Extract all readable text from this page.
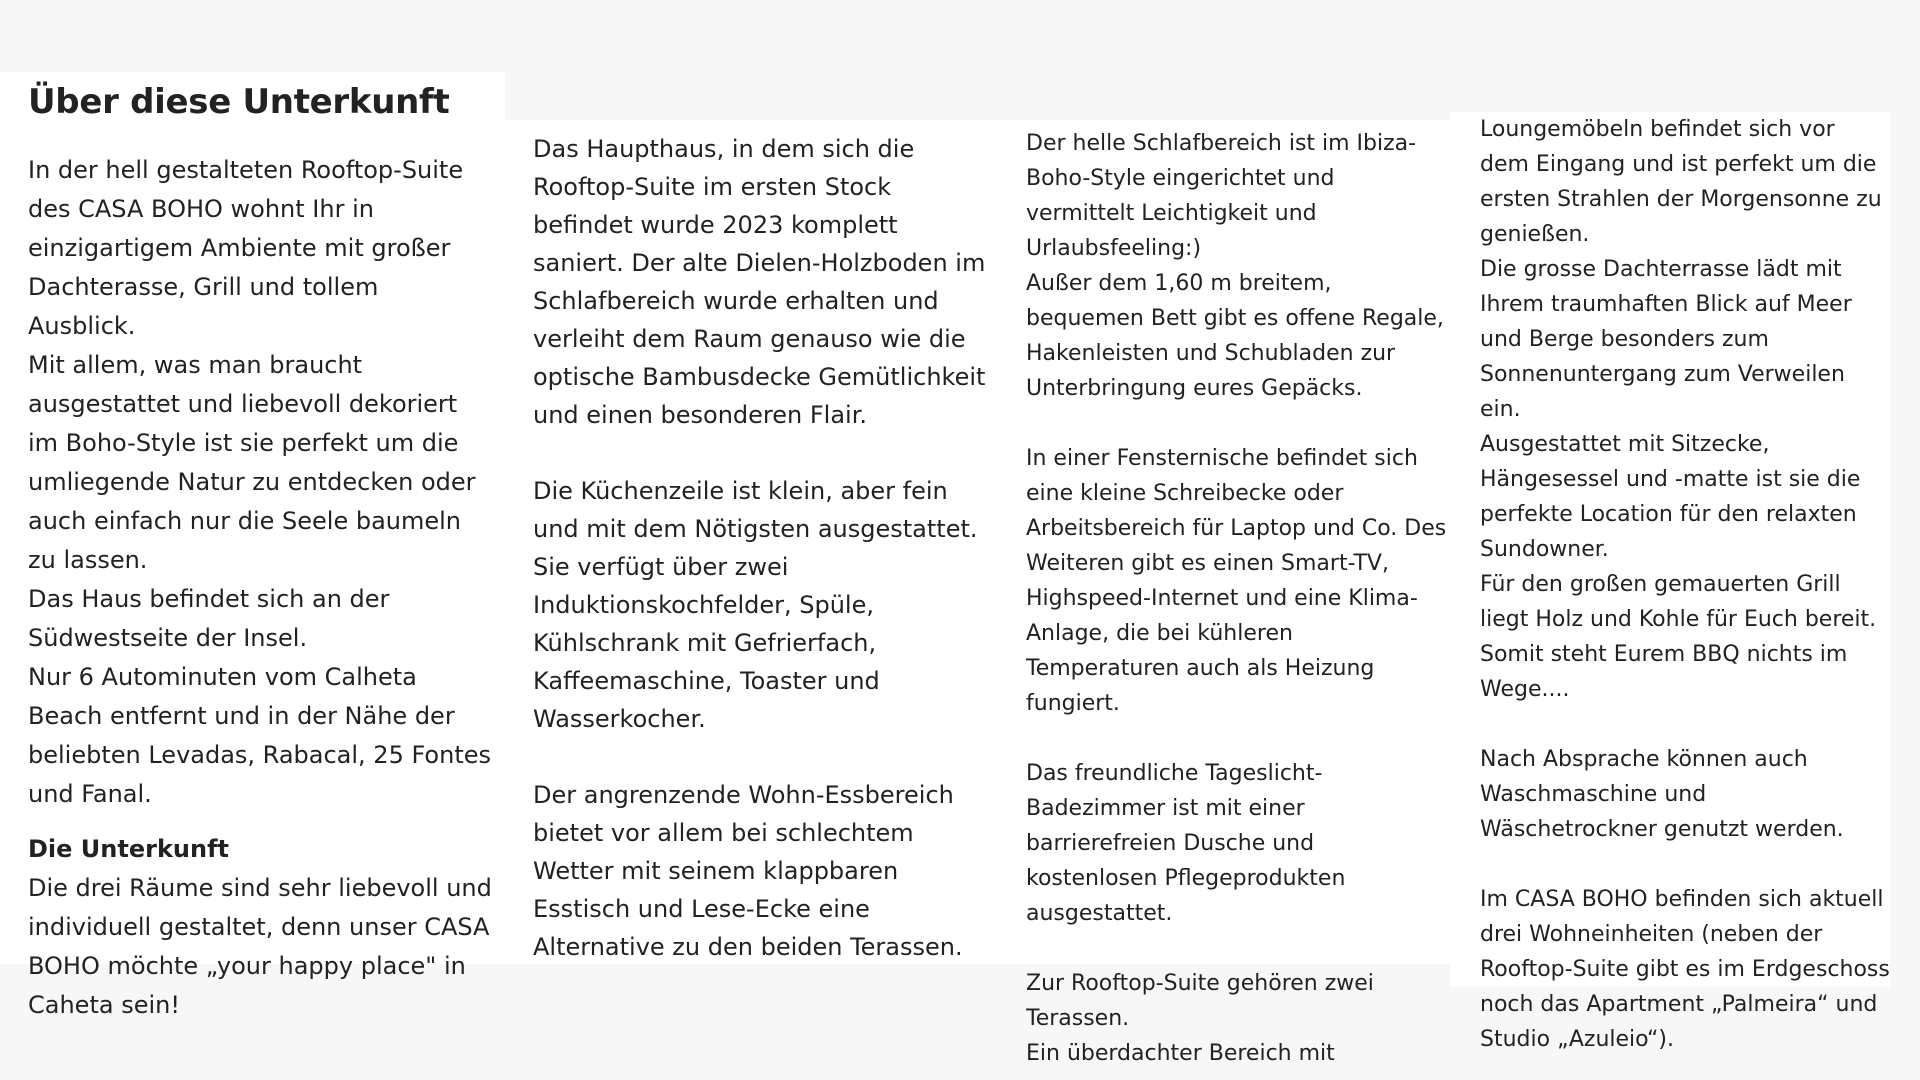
Über diese Unterkunft

In der hell gestalteten Rooftop-Suite des CASA BOHO wohnt Ihr in einzigartigem Ambiente mit großer Dachterasse, Grill und tollem Ausblick.

Mit allem, was man braucht ausgestattet und liebevoll dekoriert im Boho-Style ist sie perfekt um die umliegende Natur zu entdecken oder auch einfach nur die Seele baumeln zu lassen.

Das Haus befindet sich an der Südwestseite der Insel.

Nur 6 Autominuten vom Calheta Beach entfernt und in der Nähe der beliebten Levadas, Rabacal, 25 Fontes und Fanal.

Die Unterkunft

Die drei Räume sind sehr liebevoll und individuell gestaltet, denn unser CASA BOHO möchte „your happy place" in Caheta sein!

Das Haupthaus, in dem sich die Rooftop-Suite im ersten Stock befindet wurde 2023 komplett saniert. Der alte Dielen-Holzboden im Schlafbereich wurde erhalten und verleiht dem Raum genauso wie die optische Bambusdecke Gemütlichkeit und einen besonderen Flair.

Die Küchenzeile ist klein, aber fein und mit dem Nötigsten ausgestattet. Sie verfügt über zwei Induktionskochfelder, Spüle, Kühlschrank mit Gefrierfach, Kaffeemaschine, Toaster und Wasserkocher.

Der angrenzende Wohn-Essbereich bietet vor allem bei schlechtem Wetter mit seinem klappbaren Esstisch und Lese-Ecke eine Alternative zu den beiden Terassen.

Der helle Schlafbereich ist im Ibiza-Boho-Style eingerichtet und vermittelt Leichtigkeit und Urlaubsfeeling:)

Außer dem 1,60 m breitem, bequemen Bett gibt es offene Regale, Hakenleisten und Schubladen zur Unterbringung eures Gepäcks.

In einer Fensternische befindet sich eine kleine Schreibecke oder Arbeitsbereich für Laptop und Co. Des Weiteren gibt es einen Smart-TV, Highspeed-Internet und eine Klima-Anlage, die bei kühleren Temperaturen auch als Heizung fungiert.

Das freundliche Tageslicht-Badezimmer ist mit einer barrierefreien Dusche und kostenlosen Pflegeprodukten ausgestattet.

Zur Rooftop-Suite gehören zwei Terassen.

Ein überdachter Bereich mit

Loungemöbeln befindet sich vor dem Eingang und ist perfekt um die ersten Strahlen der Morgensonne zu genießen.

Die grosse Dachterrasse lädt mit Ihrem traumhaften Blick auf Meer und Berge besonders zum Sonnenuntergang zum Verweilen ein.

Ausgestattet mit Sitzecke, Hängesessel und -matte ist sie die perfekte Location für den relaxten Sundowner.

Für den großen gemauerten Grill liegt Holz und Kohle für Euch bereit. Somit steht Eurem BBQ nichts im Wege....

Nach Absprache können auch Waschmaschine und Wäschetrockner genutzt werden.

Im CASA BOHO befinden sich aktuell drei Wohneinheiten (neben der Rooftop-Suite gibt es im Erdgeschoss noch das Apartment „Palmeira“ und Studio „Azuleio“).
